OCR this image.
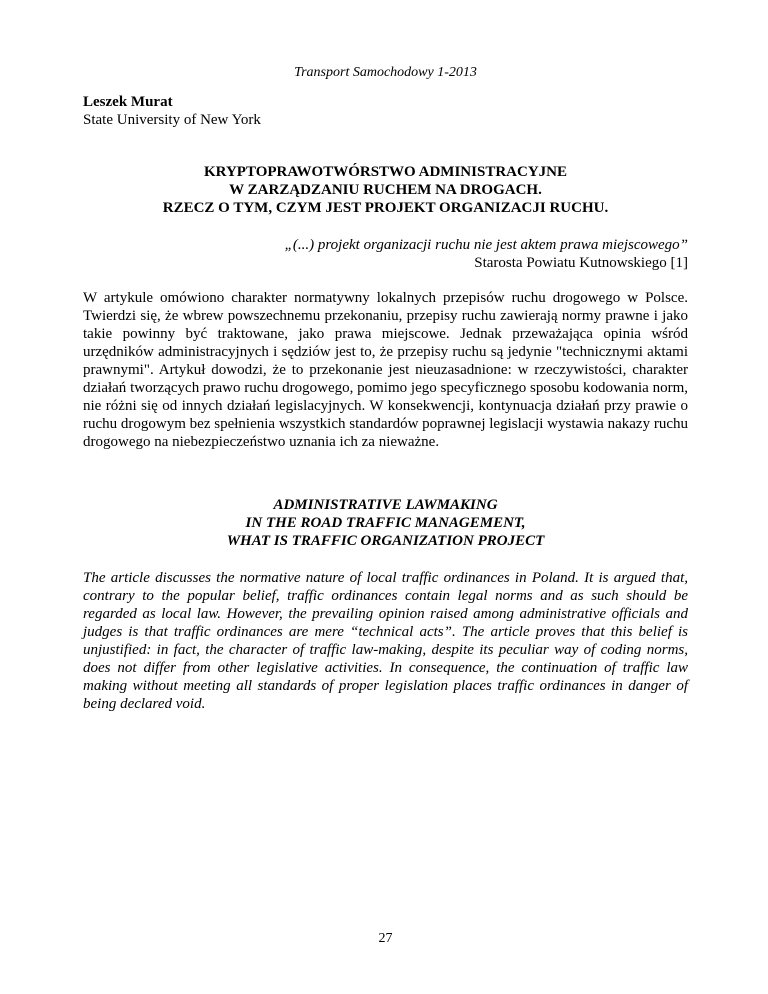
Transport Samochodowy 1-2013
Leszek Murat
State University of New York
KRYPTOPRAWOTWÓRSTWO ADMINISTRACYJNE
W ZARZĄDZANIU RUCHEM NA DROGACH.
RZECZ O TYM, CZYM JEST PROJEKT ORGANIZACJI RUCHU.
„(...) projekt organizacji ruchu nie jest aktem prawa miejscowego”
Starosta Powiatu Kutnowskiego [1]

W artykule omówiono charakter normatywny lokalnych przepisów ruchu drogowego w Polsce. Twierdzi się, że wbrew powszechnemu przekonaniu, przepisy ruchu zawierają normy prawne i jako takie powinny być traktowane, jako prawa miejscowe. Jednak przeważająca opinia wśród urzędników administracyjnych i sędziów jest to, że przepisy ruchu są jedynie "technicznymi aktami prawnymi". Artykuł dowodzi, że to przekonanie jest nieuzasadnione: w rzeczywistości, charakter działań tworzących prawo ruchu drogowego, pomimo jego specyficznego sposobu kodowania norm, nie różni się od innych działań legislacyjnych. W konsekwencji, kontynuacja działań przy prawie o ruchu drogowym bez spełnienia wszystkich standardów poprawnej legislacji wystawia nakazy ruchu drogowego na niebezpieczeństwo uznania ich za nieważne.

ADMINISTRATIVE LAWMAKING
IN THE ROAD TRAFFIC MANAGEMENT,
WHAT IS TRAFFIC ORGANIZATION PROJECT

The article discusses the normative nature of local traffic ordinances in Poland. It is argued that, contrary to the popular belief, traffic ordinances contain legal norms and as such should be regarded as local law. However, the prevailing opinion raised among administrative officials and judges is that traffic ordinances are mere “technical acts”. The article proves that this belief is unjustified: in fact, the character of traffic law-making, despite its peculiar way of coding norms, does not differ from other legislative activities. In consequence, the continuation of traffic law making without meeting all standards of proper legislation places traffic ordinances in danger of being declared void.

27
